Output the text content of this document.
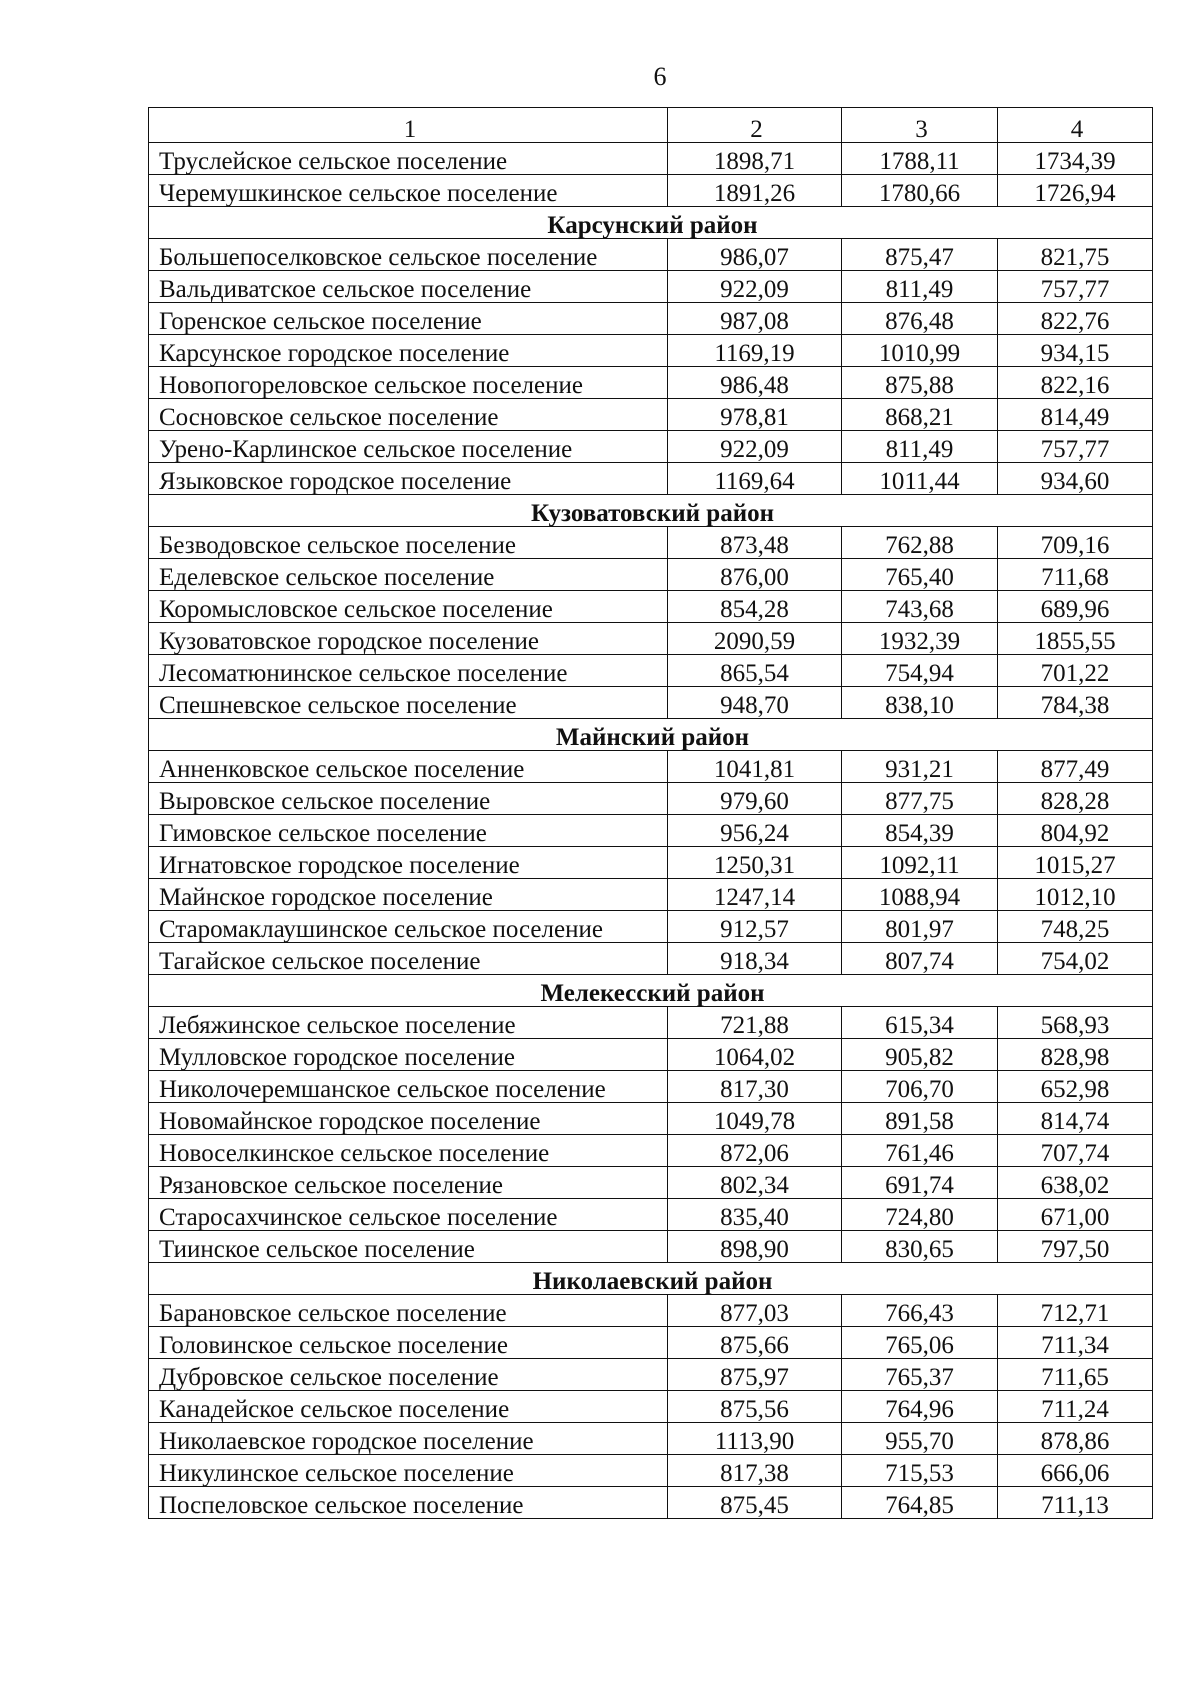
6
1	2	3	4
Труслейское сельское поселение	1898,71	1788,11	1734,39
Черемушкинское сельское поселение	1891,26	1780,66	1726,94
Карсунский район			
Большепоселковское сельское поселение	986,07	875,47	821,75
Вальдиватское сельское поселение	922,09	811,49	757,77
Горенское сельское поселение	987,08	876,48	822,76
Карсунское городское поселение	1169,19	1010,99	934,15
Новопогореловское сельское поселение	986,48	875,88	822,16
Сосновское сельское поселение	978,81	868,21	814,49
Урено-Карлинское сельское поселение	922,09	811,49	757,77
Языковское городское поселение	1169,64	1011,44	934,60
Кузоватовский район			
Безводовское сельское поселение	873,48	762,88	709,16
Еделевское сельское поселение	876,00	765,40	711,68
Коромысловское сельское поселение	854,28	743,68	689,96
Кузоватовское городское поселение	2090,59	1932,39	1855,55
Лесоматюнинское сельское поселение	865,54	754,94	701,22
Спешневское сельское поселение	948,70	838,10	784,38
Майнский район			
Анненковское сельское поселение	1041,81	931,21	877,49
Выровское сельское поселение	979,60	877,75	828,28
Гимовское сельское поселение	956,24	854,39	804,92
Игнатовское городское поселение	1250,31	1092,11	1015,27
Майнское городское поселение	1247,14	1088,94	1012,10
Старомаклаушинское сельское поселение	912,57	801,97	748,25
Тагайское сельское поселение	918,34	807,74	754,02
Мелекесский район			
Лебяжинское сельское поселение	721,88	615,34	568,93
Мулловское городское поселение	1064,02	905,82	828,98
Николочеремшанское сельское поселение	817,30	706,70	652,98
Новомайнское городское поселение	1049,78	891,58	814,74
Новоселкинское сельское поселение	872,06	761,46	707,74
Рязановское сельское поселение	802,34	691,74	638,02
Старосахчинское сельское поселение	835,40	724,80	671,00
Тиинское сельское поселение	898,90	830,65	797,50
Николаевский район			
Барановское сельское поселение	877,03	766,43	712,71
Головинское сельское поселение	875,66	765,06	711,34
Дубровское сельское поселение	875,97	765,37	711,65
Канадейское сельское поселение	875,56	764,96	711,24
Николаевское городское поселение	1113,90	955,70	878,86
Никулинское сельское поселение	817,38	715,53	666,06
Поспеловское сельское поселение	875,45	764,85	711,13
